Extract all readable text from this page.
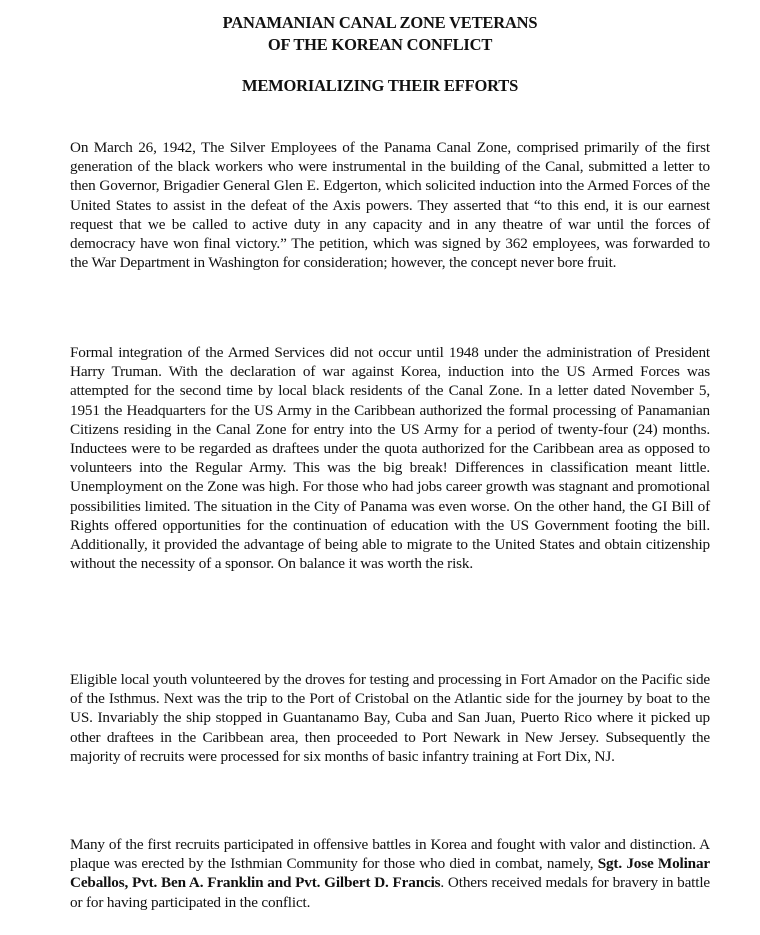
PANAMANIAN CANAL ZONE VETERANS
OF THE KOREAN CONFLICT
MEMORIALIZING THEIR EFFORTS
On March 26, 1942, The Silver Employees of the Panama Canal Zone, comprised primarily of the first generation of the black workers who were instrumental in the building of the Canal, submitted a letter to then Governor, Brigadier General Glen E. Edgerton, which solicited induction into the Armed Forces of the United States to assist in the defeat of the Axis powers. They asserted that “to this end, it is our earnest request that we be called to active duty in any capacity and in any theatre of war until the forces of democracy have won final victory.” The petition, which was signed by 362 employees, was forwarded to the War Department in Washington for consideration; however, the concept never bore fruit.
Formal integration of the Armed Services did not occur until 1948 under the administration of President Harry Truman. With the declaration of war against Korea, induction into the US Armed Forces was attempted for the second time by local black residents of the Canal Zone. In a letter dated November 5, 1951 the Headquarters for the US Army in the Caribbean authorized the formal processing of Panamanian Citizens residing in the Canal Zone for entry into the US Army for a period of twenty-four (24) months. Inductees were to be regarded as draftees under the quota authorized for the Caribbean area as opposed to volunteers into the Regular Army. This was the big break! Differences in classification meant little. Unemployment on the Zone was high. For those who had jobs career growth was stagnant and promotional possibilities limited. The situation in the City of Panama was even worse. On the other hand, the GI Bill of Rights offered opportunities for the continuation of education with the US Government footing the bill. Additionally, it provided the advantage of being able to migrate to the United States and obtain citizenship without the necessity of a sponsor. On balance it was worth the risk.
Eligible local youth volunteered by the droves for testing and processing in Fort Amador on the Pacific side of the Isthmus. Next was the trip to the Port of Cristobal on the Atlantic side for the journey by boat to the US. Invariably the ship stopped in Guantanamo Bay, Cuba and San Juan, Puerto Rico where it picked up other draftees in the Caribbean area, then proceeded to Port Newark in New Jersey. Subsequently the majority of recruits were processed for six months of basic infantry training at Fort Dix, NJ.
Many of the first recruits participated in offensive battles in Korea and fought with valor and distinction. A plaque was erected by the Isthmian Community for those who died in combat, namely, Sgt. Jose Molinar Ceballos, Pvt. Ben A. Franklin and Pvt. Gilbert D. Francis. Others received medals for bravery in battle or for having participated in the conflict.
